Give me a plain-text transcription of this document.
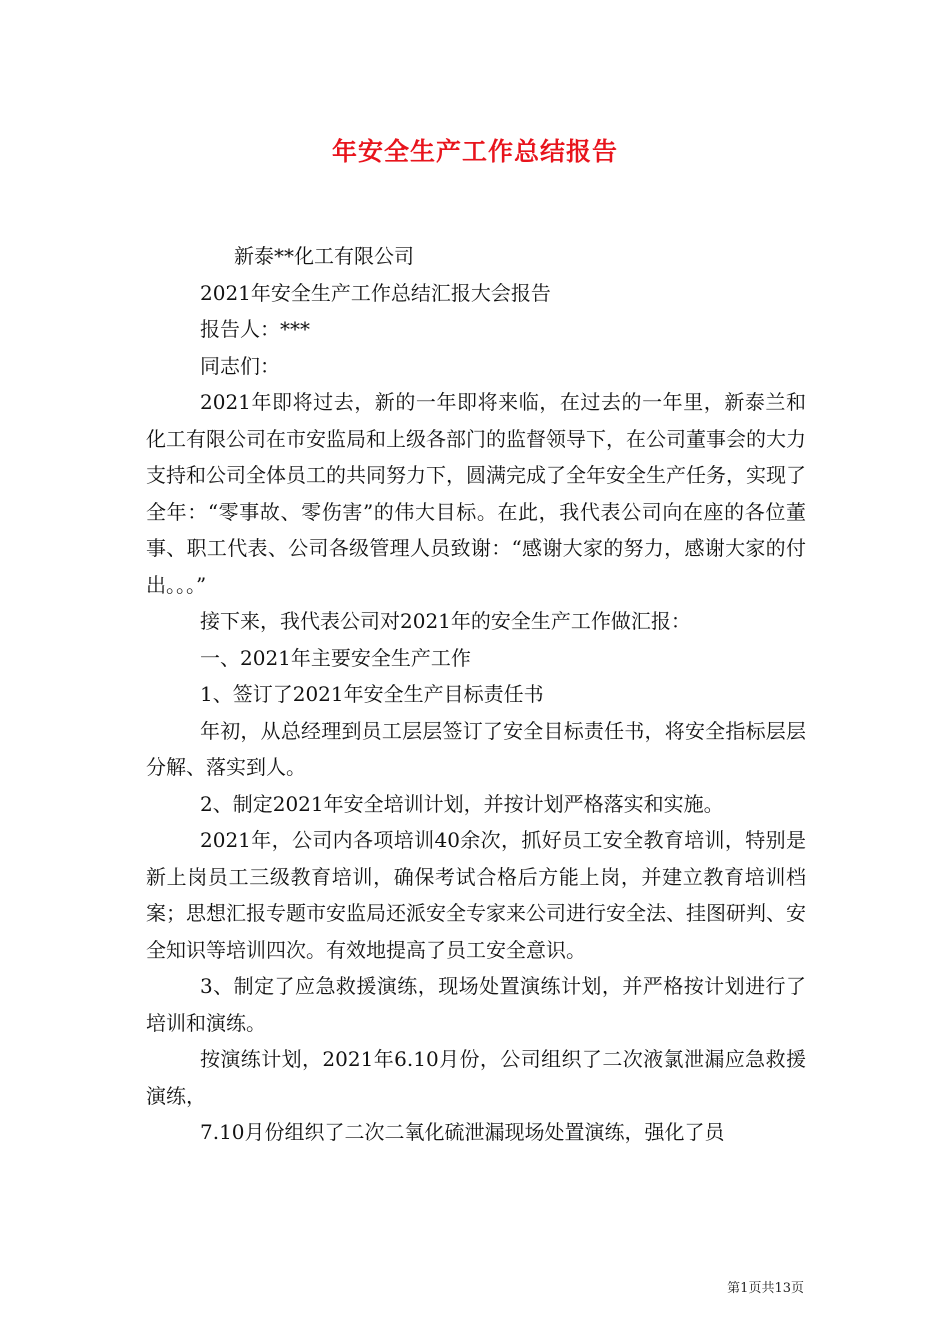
年安全生产工作总结报告

新泰**化工有限公司

2021年安全生产工作总结汇报大会报告

报告人：***

同志们：

2021年即将过去，新的一年即将来临，在过去的一年里，新泰兰和化工有限公司在市安监局和上级各部门的监督领导下，在公司董事会的大力支持和公司全体员工的共同努力下，圆满完成了全年安全生产任务，实现了全年：“零事故、零伤害”的伟大目标。在此，我代表公司向在座的各位董事、职工代表、公司各级管理人员致谢：“感谢大家的努力，感谢大家的付出。。。”

接下来，我代表公司对2021年的安全生产工作做汇报：

一、2021年主要安全生产工作

1、签订了2021年安全生产目标责任书

年初，从总经理到员工层层签订了安全目标责任书，将安全指标层层分解、落实到人。

2、制定2021年安全培训计划，并按计划严格落实和实施。

2021年，公司内各项培训40余次，抓好员工安全教育培训，特别是新上岗员工三级教育培训，确保考试合格后方能上岗，并建立教育培训档案；思想汇报专题市安监局还派安全专家来公司进行安全法、挂图研判、安全知识等培训四次。有效地提高了员工安全意识。

3、制定了应急救援演练，现场处置演练计划，并严格按计划进行了培训和演练。

按演练计划，2021年6.10月份，公司组织了二次液氯泄漏应急救援演练，

7.10月份组织了二次二氧化硫泄漏现场处置演练，强化了员

第1页共13页
